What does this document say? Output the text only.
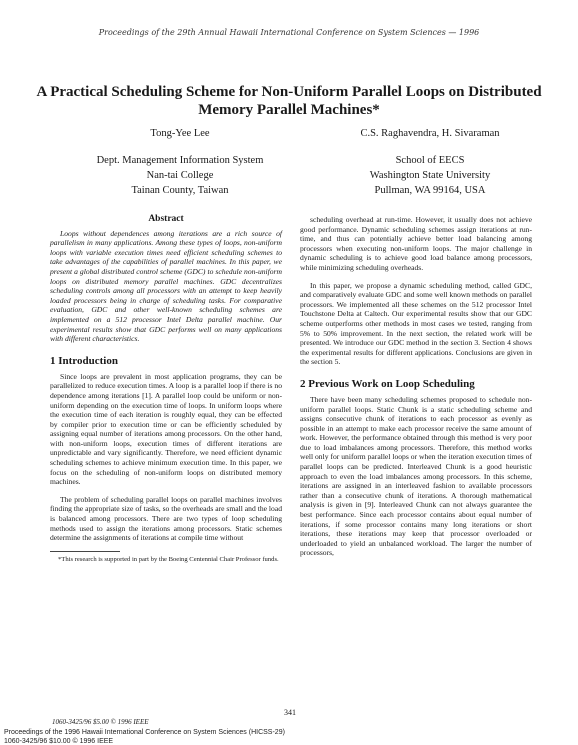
Proceedings of the 29th Annual Hawaii International Conference on System Sciences — 1996
A Practical Scheduling Scheme for Non-Uniform Parallel Loops on Distributed Memory Parallel Machines*
Tong-Yee Lee
Dept. Management Information System
Nan-tai College
Tainan County, Taiwan
C.S. Raghavendra, H. Sivaraman
School of EECS
Washington State University
Pullman, WA 99164, USA
Abstract
Loops without dependences among iterations are a rich source of parallelism in many applications. Among these types of loops, non-uniform loops with variable execution times need efficient scheduling schemes to take advantages of the capabilities of parallel machines. In this paper, we present a global distributed control scheme (GDC) to schedule non-uniform loops on distributed memory parallel machines. GDC decentralizes scheduling controls among all processors with an attempt to keep heavily loaded processors being in charge of scheduling tasks. For comparative evaluation, GDC and other well-known scheduling schemes are implemented on a 512 processor Intel Delta parallel machine. Our experimental results show that GDC performs well on many applications with different characteristics.
1 Introduction
Since loops are prevalent in most application programs, they can be parallelized to reduce execution times. A loop is a parallel loop if there is no dependence among iterations [1]. A parallel loop could be uniform or non-uniform depending on the execution time of loops. In uniform loops where the execution time of each iteration is roughly equal, they can be effected by compiler prior to execution time or can be efficiently scheduled by assigning equal number of iterations among processors. On the other hand, with non-uniform loops, execution times of different iterations are unpredictable and vary significantly. Therefore, we need efficient dynamic scheduling schemes to achieve minimum execution time. In this paper, we focus on the scheduling of non-uniform loops on distributed memory machines.
The problem of scheduling parallel loops on parallel machines involves finding the appropriate size of tasks, so the overheads are small and the load is balanced among processors. There are two types of loop scheduling methods used to assign the iterations among processors. Static schemes determine the assignments of iterations at compile time without
*This research is supported in part by the Boeing Centennial Chair Professor funds.
scheduling overhead at run-time. However, it usually does not achieve good performance. Dynamic scheduling schemes assign iterations at run-time, and thus can potentially achieve better load balancing among processors when executing non-uniform loops. The major challenge in dynamic scheduling is to achieve good load balance among processors, while minimizing scheduling overheads.
In this paper, we propose a dynamic scheduling method, called GDC, and comparatively evaluate GDC and some well known methods on parallel processors. We implemented all these schemes on the 512 processor Intel Touchstone Delta at Caltech. Our experimental results show that our GDC scheme outperforms other methods in most cases we tested, ranging from 5% to 50% improvement. In the next section, the related work will be presented. We introduce our GDC method in the section 3. Section 4 shows the experimental results for different applications. Conclusions are given in the section 5.
2 Previous Work on Loop Scheduling
There have been many scheduling schemes proposed to schedule non-uniform parallel loops. Static Chunk is a static scheduling scheme and assigns consecutive chunk of iterations to each processor as evenly as possible in an attempt to make each processor receive the same amount of work. However, the performance obtained through this method is very poor due to load imbalances among processors. Therefore, this method works well only for uniform parallel loops or when the iteration execution times of parallel loops can be predicted. Interleaved Chunk is a good heuristic approach to even the load imbalances among processors. In this scheme, iterations are assigned in an interleaved fashion to available processors rather than a consecutive chunk of iterations. A thorough mathematical analysis is given in [9]. Interleaved Chunk can not always guarantee the best performance. Since each processor contains about equal number of iterations, if some processor contains many long iterations or short iterations, these iterations may keep that processor overloaded or underloaded to yield an unbalanced workload. The larger the number of processors,
341
1060-3425/96 $5.00 © 1996 IEEE
Proceedings of the 1996 Hawaii International Conference on System Sciences (HICSS-29)
1060-3425/96 $10.00 © 1996 IEEE
